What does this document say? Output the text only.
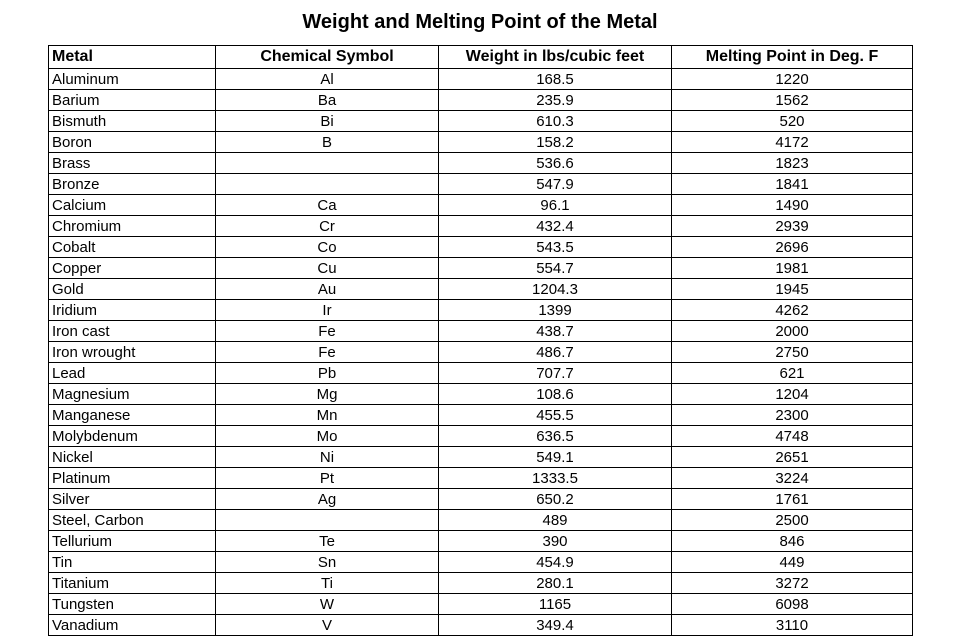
Weight and Melting Point of the Metal
Metal	Chemical Symbol	Weight in lbs/cubic feet	Melting Point in Deg. F
Aluminum	Al	168.5	1220
Barium	Ba	235.9	1562
Bismuth	Bi	610.3	520
Boron	B	158.2	4172
Brass		536.6	1823
Bronze		547.9	1841
Calcium	Ca	96.1	1490
Chromium	Cr	432.4	2939
Cobalt	Co	543.5	2696
Copper	Cu	554.7	1981
Gold	Au	1204.3	1945
Iridium	Ir	1399	4262
Iron cast	Fe	438.7	2000
Iron wrought	Fe	486.7	2750
Lead	Pb	707.7	621
Magnesium	Mg	108.6	1204
Manganese	Mn	455.5	2300
Molybdenum	Mo	636.5	4748
Nickel	Ni	549.1	2651
Platinum	Pt	1333.5	3224
Silver	Ag	650.2	1761
Steel, Carbon		489	2500
Tellurium	Te	390	846
Tin	Sn	454.9	449
Titanium	Ti	280.1	3272
Tungsten	W	1165	6098
Vanadium	V	349.4	3110
